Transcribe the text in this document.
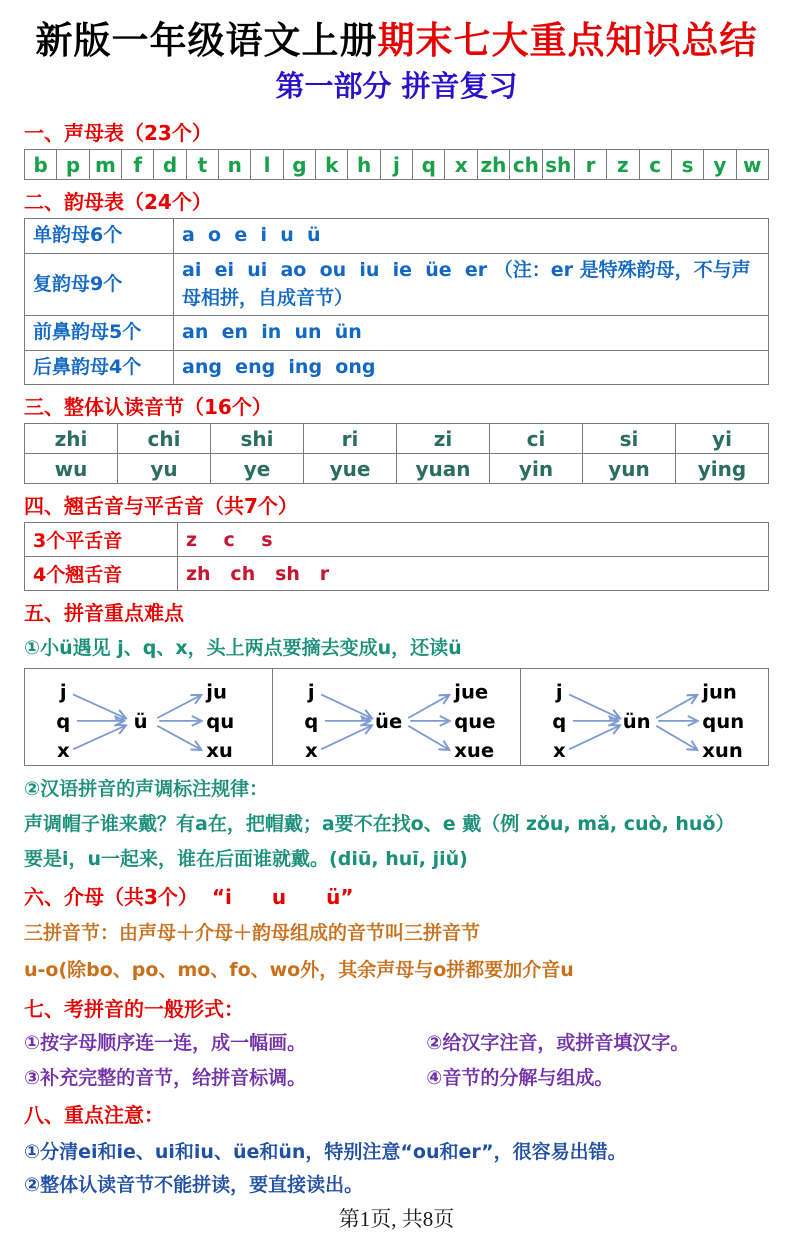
新版一年级语文上册期末七大重点知识总结
第一部分 拼音复习
一、声母表（23个）
b	p	m	f	d	t	n	l	g	k	h	j	q	x	zh	ch	sh	r	z	c	s	y	w
二、韵母表（24个）
单韵母6个	a  o  e  i  u  ü
复韵母9个	ai  ei  ui  ao  ou  iu  ie  üe  er （注：er 是特殊韵母，不与声母相拼，自成音节）
前鼻韵母5个	an  en  in  un  ün
后鼻韵母4个	ang  eng  ing  ong
三、整体认读音节（16个）
zhi	chi	shi	ri	zi	ci	si	yi
wu	yu	ye	yue	yuan	yin	yun	ying
四、翘舌音与平舌音（共7个）
3个平舌音	z    c    s
4个翘舌音	zh   ch   sh   r
五、拼音重点难点
①小ü遇见 j、q、x，头上两点要摘去变成u，还读ü
j
q
x
ü
ju
qu
xu
j
q
x
üe
jue
que
xue
j
q
x
ün
jun
qun
xun
②汉语拼音的声调标注规律：
声调帽子谁来戴？有a在，把帽戴；a要不在找o、e 戴（例 zǒu, mǎ, cuò, huǒ）
要是i，u一起来，谁在后面谁就戴。(diū, huī, jiǔ)
六、介母（共3个）  “i　　u　　ü”
三拼音节：由声母＋介母＋韵母组成的音节叫三拼音节
u-o(除bo、po、mo、fo、wo外，其余声母与o拼都要加介音u
七、考拼音的一般形式：
①按字母顺序连一连，成一幅画。	②给汉字注音，或拼音填汉字。
③补充完整的音节，给拼音标调。	④音节的分解与组成。
八、重点注意：
①分清ei和ie、ui和iu、üe和ün，特别注意“ou和er”，很容易出错。
②整体认读音节不能拼读，要直接读出。
第1页, 共8页
